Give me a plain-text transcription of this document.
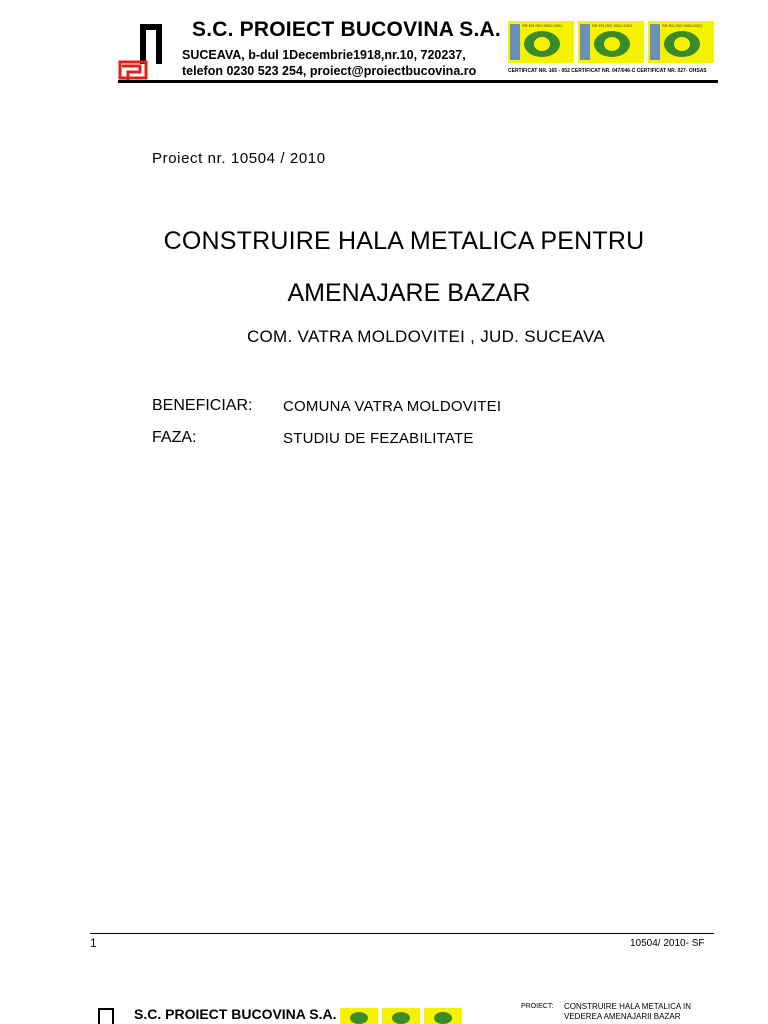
S.C. PROIECT BUCOVINA S.A.
SUCEAVA, b-dul 1Decembrie1918,nr.10, 720237,
telefon 0230 523 254, proiect@proiectbucovina.ro
SR EN ISO 9001:2001	SR EN ISO 9001:2001	SR EN ISO 9001:2001
CERTIFICAT NR. 165 - 052 CERTIFICAT NR. 047/046-C CERTIFICAT NR. 027- OHSAS
Proiect nr. 10504 / 2010
CONSTRUIRE HALA METALICA PENTRU
AMENAJARE BAZAR
COM. VATRA MOLDOVITEI , JUD. SUCEAVA
BENEFICIAR: COMUNA VATRA MOLDOVITEI
FAZA:	STUDIU DE FEZABILITATE
1	10504/ 2010- SF
S.C. PROIECT BUCOVINA S.A.	PROIECT: CONSTRUIRE HALA METALICA IN
VEDEREA AMENAJARII BAZAR
